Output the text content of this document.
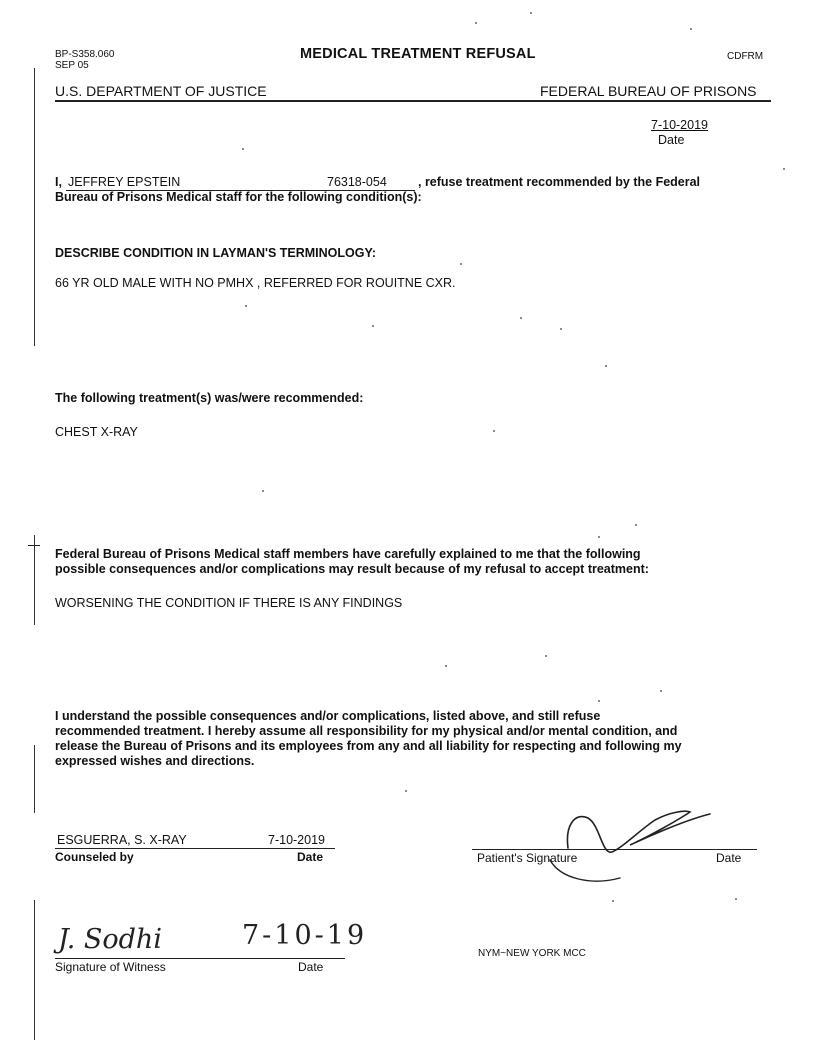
BP-S358.060
SEP 05
MEDICAL TREATMENT REFUSAL	CDFRM
U.S. DEPARTMENT OF JUSTICE	FEDERAL BUREAU OF PRISONS
7-10-2019
Date
I, JEFFREY EPSTEIN	76318-054 , refuse treatment recommended by the Federal
Bureau of Prisons Medical staff for the following condition(s):
DESCRIBE CONDITION IN LAYMAN'S TERMINOLOGY:
66 YR OLD MALE WITH NO PMHX , REFERRED FOR ROUITNE CXR.
The following treatment(s) was/were recommended:
CHEST X-RAY
Federal Bureau of Prisons Medical staff members have carefully explained to me that the following
possible consequences and/or complications may result because of my refusal to accept treatment:
WORSENING THE CONDITION IF THERE IS ANY FINDINGS
I understand the possible consequences and/or complications, listed above, and still refuse
recommended treatment. I hereby assume all responsibility for my physical and/or mental condition, and
release the Bureau of Prisons and its employees from any and all liability for respecting and following my
expressed wishes and directions.
ESGUERRA, S. X-RAY	7-10-2019
Counseled by	Date	Patient's Signature	Date
J. Sodhi	7-10-19
Signature of Witness	Date
NYM~NEW YORK MCC
